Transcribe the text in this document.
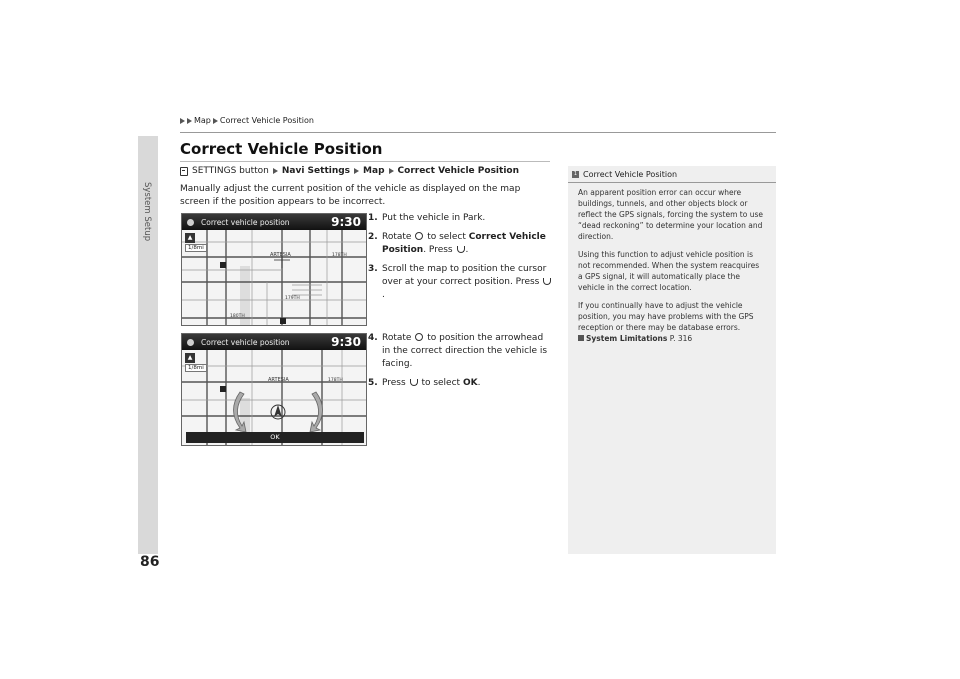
System Setup
86
Map Correct Vehicle Position
Correct Vehicle Position
SETTINGS button Navi Settings Map Correct Vehicle Position
Manually adjust the current position of the vehicle as displayed on the map screen if the position appears to be incorrect.
Correct vehicle position	9:30
ARTESIA
179TH
178TH
180TH
▲
1/8mi
Correct vehicle position	9:30
ARTESIA	178TH
▲
1/8mi
OK
1. Put the vehicle in Park.
2. Rotate to select Correct Vehicle Position. Press .
3. Scroll the map to position the cursor over at your correct position. Press .
4. Rotate to position the arrowhead in the correct direction the vehicle is facing.
5. Press to select OK.
1 Correct Vehicle Position

An apparent position error can occur where buildings, tunnels, and other objects block or reflect the GPS signals, forcing the system to use “dead reckoning” to determine your location and direction.

Using this function to adjust vehicle position is not recommended. When the system reacquires a GPS signal, it will automatically place the vehicle in the correct location.

If you continually have to adjust the vehicle position, you may have problems with the GPS reception or there may be database errors.

System Limitations P. 316
